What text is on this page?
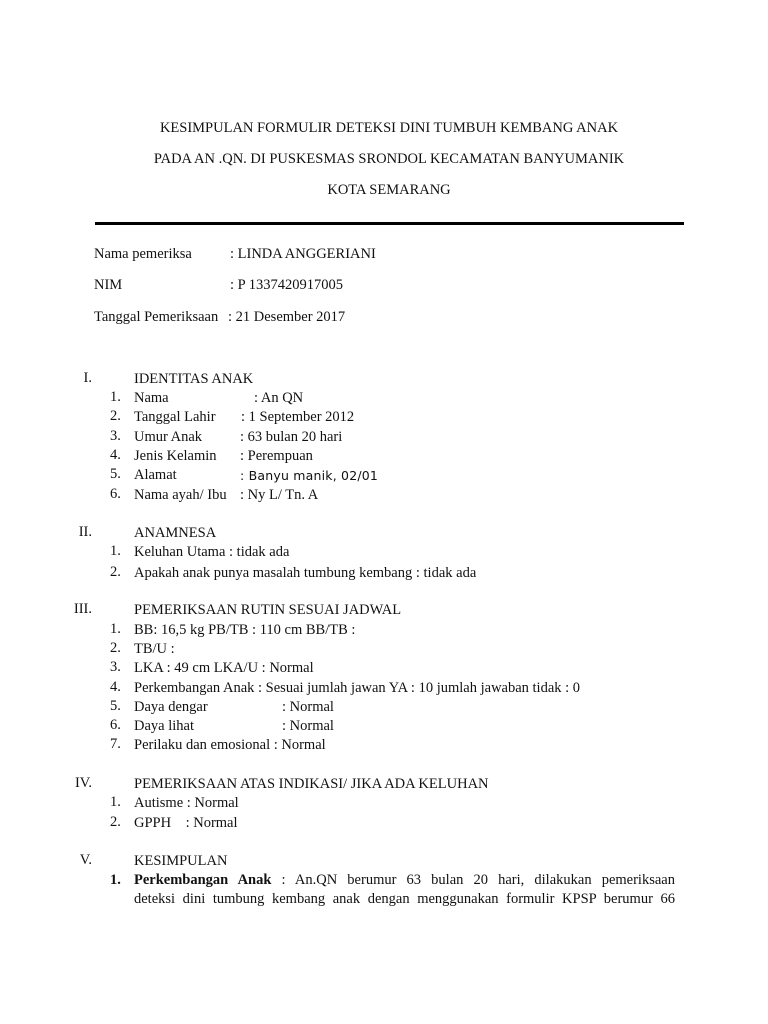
KESIMPULAN FORMULIR DETEKSI DINI TUMBUH KEMBANG ANAK
PADA AN .QN. DI PUSKESMAS SRONDOL KECAMATAN BANYUMANIK
KOTA SEMARANG
Nama pemeriksa	: LINDA ANGGERIANI
NIM	: P 1337420917005
Tanggal Pemeriksaan : 21 Desember 2017
I.	IDENTITAS ANAK
1. Nama	: An QN
2. Tanggal Lahir : 1 September 2012
3. Umur Anak	: 63 bulan 20 hari
4. Jenis Kelamin : Perempuan
5. Alamat	: Banyu manik, 02/01
6. Nama ayah/ Ibu : Ny L/ Tn. A
II.	ANAMNESA
1. Keluhan Utama : tidak ada
2. Apakah anak punya masalah tumbung kembang : tidak ada
III.	PEMERIKSAAN RUTIN SESUAI JADWAL
1. BB: 16,5 kg PB/TB : 110 cm BB/TB :
2. TB/U :
3. LKA : 49 cm LKA/U : Normal
4. Perkembangan Anak : Sesuai jumlah jawan YA : 10 jumlah jawaban tidak : 0
5. Daya dengar	: Normal
6. Daya lihat	: Normal
7. Perilaku dan emosional : Normal
IV.	PEMERIKSAAN ATAS INDIKASI/ JIKA ADA KELUHAN
1. Autisme : Normal
2. GPPH    : Normal
V.	KESIMPULAN
1. Perkembangan Anak : An.QN berumur 63 bulan 20 hari, dilakukan pemeriksaan
deteksi dini tumbung kembang anak dengan menggunakan formulir KPSP berumur 66
